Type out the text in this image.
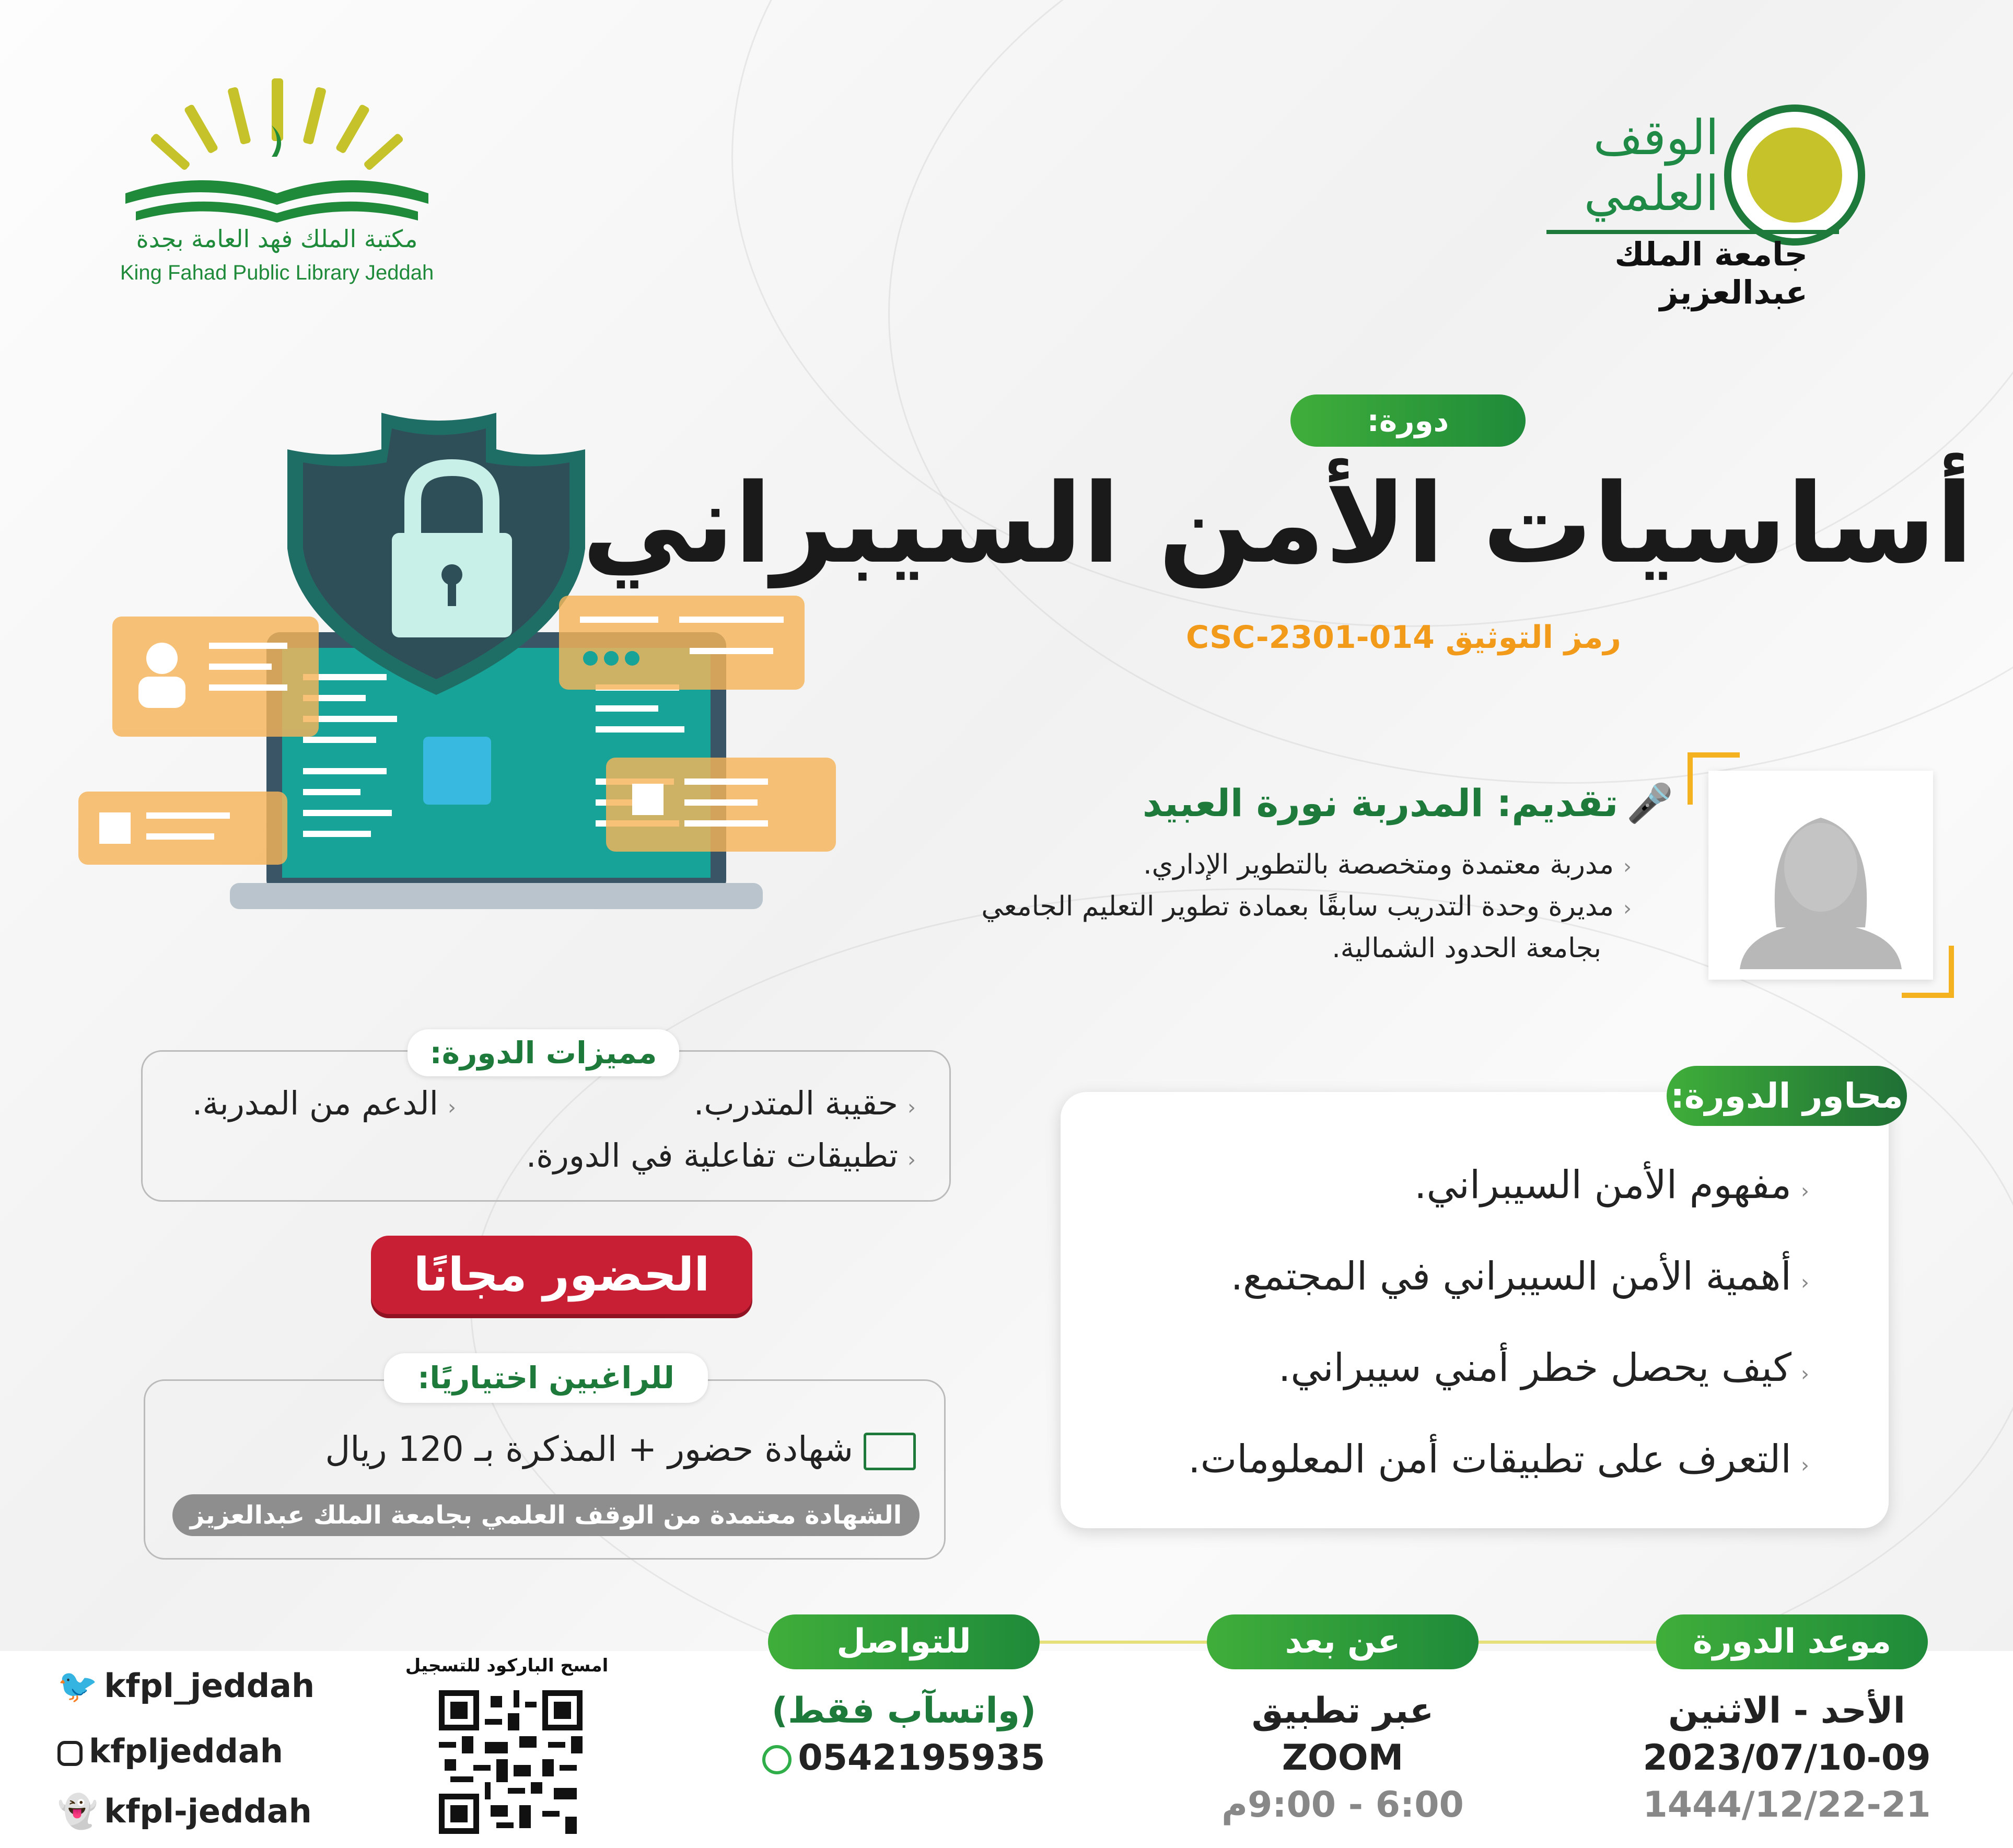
مكتبة الملك فهد العامة بجدة
King Fahad Public Library Jeddah
الوقف العلمي
جامعة الملك عبدالعزيز
دورة:
أساسيات الأمن السيبراني
رمز التوثيق CSC-2301-014
🎤تقديم: المدربة نورة العبيد
‹مدربة معتمدة ومتخصصة بالتطوير الإداري.
‹مديرة وحدة التدريب سابقًا بعمادة تطوير التعليم الجامعي
بجامعة الحدود الشمالية.
مميزات الدورة:
‹حقيبة المتدرب.
‹الدعم من المدربة.
‹تطبيقات تفاعلية في الدورة.
الحضور مجانًا
للراغبين اختياريًا:
شهادة حضور + المذكرة بـ 120 ريال
الشهادة معتمدة من الوقف العلمي بجامعة الملك عبدالعزيز
محاور الدورة:
‹مفهوم الأمن السيبراني.
‹أهمية الأمن السيبراني في المجتمع.
‹كيف يحصل خطر أمني سيبراني.
‹التعرف على تطبيقات أمن المعلومات.
موعد الدورة
الأحد - الاثنين
2023/07/10-09
1444/12/22-21
عن بعد
عبر تطبيق
ZOOM
6:00 - 9:00م
للتواصل
(واتسآب فقط)
0542195935
امسح الباركود للتسجيل
🐦 kfpl_jeddah
kfpljeddah
👻 kfpl-jeddah
